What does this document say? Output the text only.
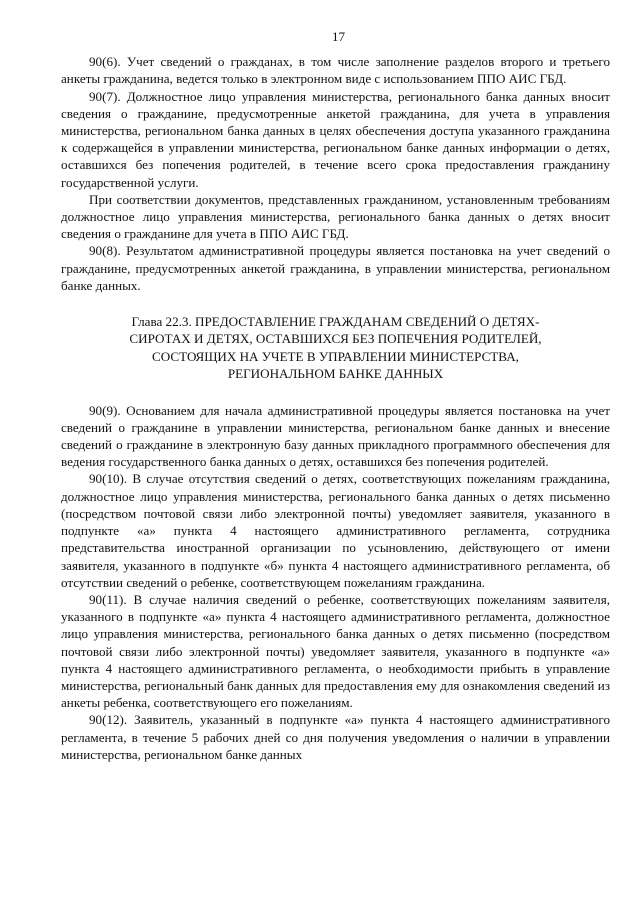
17

90(6). Учет сведений о гражданах, в том числе заполнение разделов второго и третьего анкеты гражданина, ведется только в электронном виде с использованием ППО АИС ГБД.

90(7). Должностное лицо управления министерства, регионального банка данных вносит сведения о гражданине, предусмотренные анкетой гражданина, для учета в управления министерства, региональном банка данных в целях обеспечения доступа указанного гражданина к содержащейся в управлении министерства, региональном банке данных информации о детях, оставшихся без попечения родителей, в течение всего срока предоставления гражданину государственной услуги.

При соответствии документов, представленных гражданином, установленным требованиям должностное лицо управления министерства, регионального банка данных о детях вносит сведения о гражданине для учета в ППО АИС ГБД.

90(8). Результатом административной процедуры является постановка на учет сведений о гражданине, предусмотренных анкетой гражданина, в управлении министерства, региональном банке данных.

Глава 22.3. ПРЕДОСТАВЛЕНИЕ ГРАЖДАНАМ СВЕДЕНИЙ О ДЕТЯХ-
СИРОТАХ И ДЕТЯХ, ОСТАВШИХСЯ БЕЗ ПОПЕЧЕНИЯ РОДИТЕЛЕЙ,
СОСТОЯЩИХ НА УЧЕТЕ В УПРАВЛЕНИИ МИНИСТЕРСТВА,
РЕГИОНАЛЬНОМ БАНКЕ ДАННЫХ

90(9). Основанием для начала административной процедуры является постановка на учет сведений о гражданине в управлении министерства, региональном банке данных и внесение сведений о гражданине в электронную базу данных прикладного программного обеспечения для ведения государственного банка данных о детях, оставшихся без попечения родителей.

90(10). В случае отсутствия сведений о детях, соответствующих пожеланиям гражданина, должностное лицо управления министерства, регионального банка данных о детях письменно (посредством почтовой связи либо электронной почты) уведомляет заявителя, указанного в подпункте «а» пункта 4 настоящего административного регламента, сотрудника представительства иностранной организации по усыновлению, действующего от имени заявителя, указанного в подпункте «б» пункта 4 настоящего административного регламента, об отсутствии сведений о ребенке, соответствующем пожеланиям гражданина.

90(11). В случае наличия сведений о ребенке, соответствующих пожеланиям заявителя, указанного в подпункте «а» пункта 4 настоящего административного регламента, должностное лицо управления министерства, регионального банка данных о детях письменно (посредством почтовой связи либо электронной почты) уведомляет заявителя, указанного в подпункте «а» пункта 4 настоящего административного регламента, о необходимости прибыть в управление министерства, региональный банк данных для предоставления ему для ознакомления сведений из анкеты ребенка, соответствующего его пожеланиям.

90(12). Заявитель, указанный в подпункте «а» пункта 4 настоящего административного регламента, в течение 5 рабочих дней со дня получения уведомления о наличии в управлении министерства, региональном банке данных
